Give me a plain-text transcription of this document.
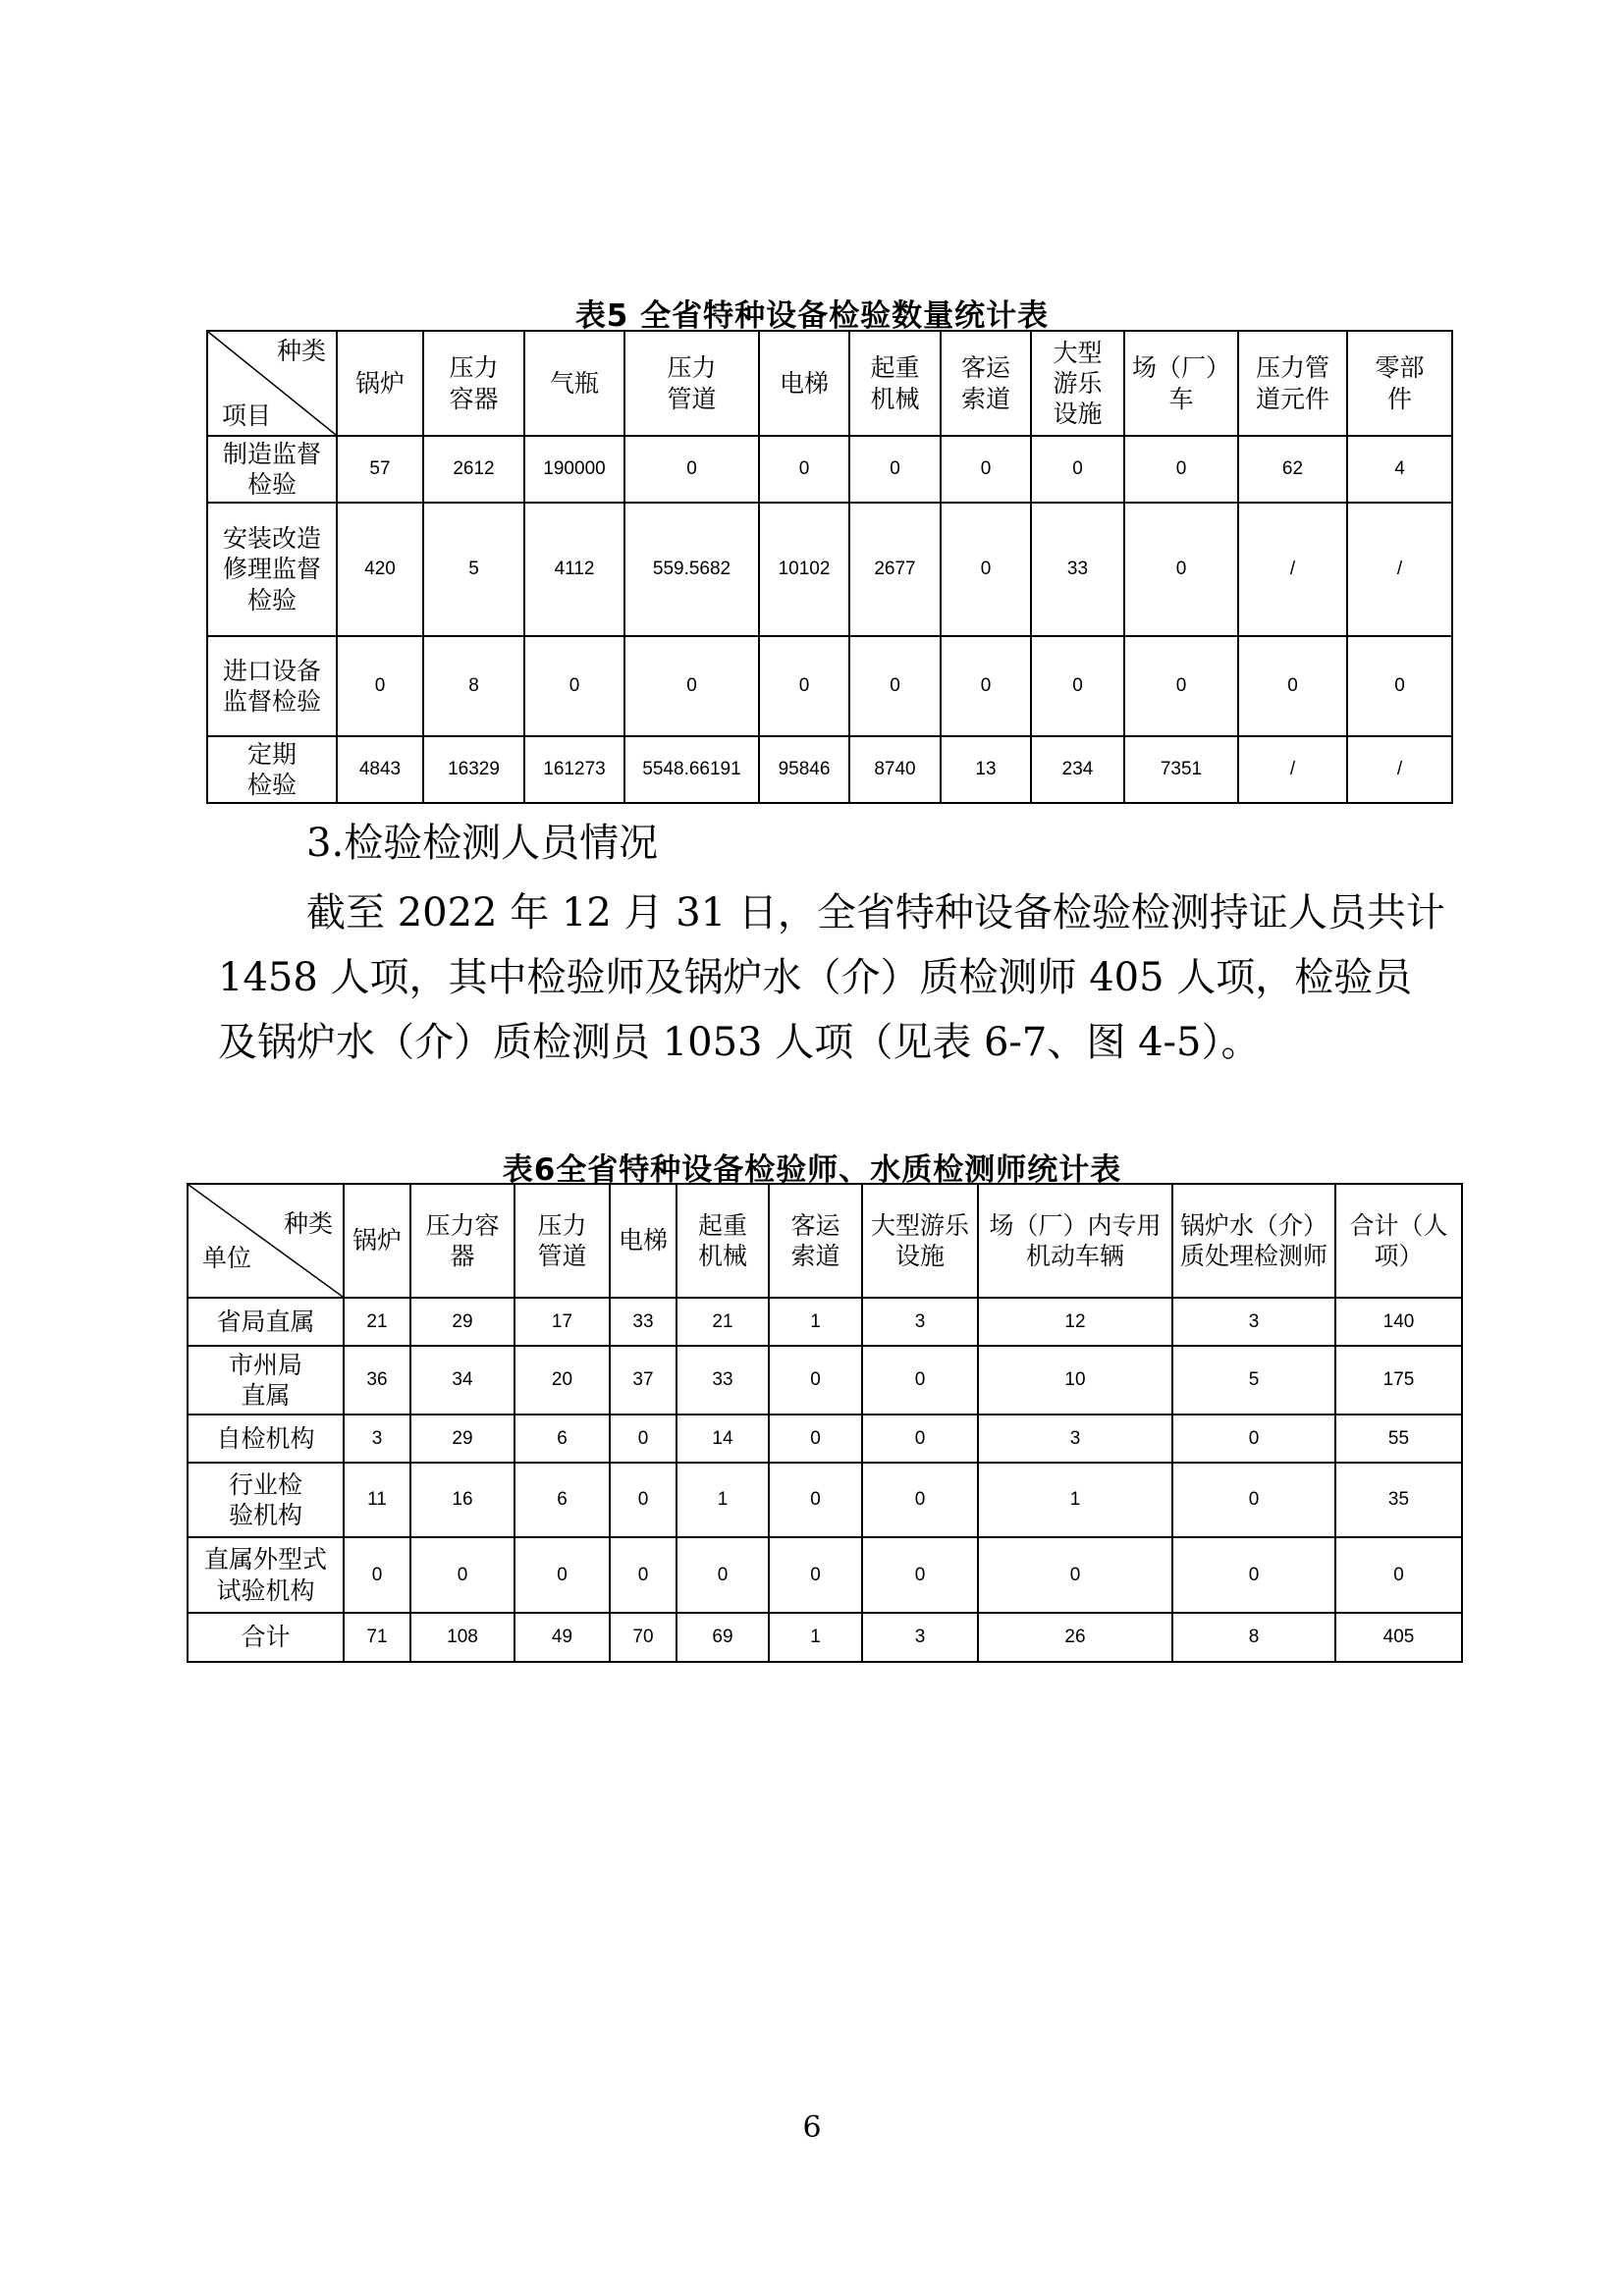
表5 全省特种设备检验数量统计表
种类
项目	锅炉	压力容器	气瓶	压力管道	电梯	起重机械	客运索道	大型游乐设施	场（厂）车	压力管道元件	零部件
制造监督检验	57	2612	190000	0	0	0	0	0	0	62	4
安装改造修理监督检验	420	5	4112	559.5682	10102	2677	0	33	0	/	/
进口设备监督检验	0	8	0	0	0	0	0	0	0	0	0
定期检验	4843	16329	161273	5548.66191	95846	8740	13	234	7351	/	/
3.检验检测人员情况
截至 2022 年 12 月 31 日，全省特种设备检验检测持证人员共计 1458 人项，其中检验师及锅炉水（介）质检测师 405 人项，检验员及锅炉水（介）质检测员 1053 人项（见表 6-7、图 4-5）。
表6全省特种设备检验师、水质检测师统计表
种类
单位	锅炉	压力容器	压力管道	电梯	起重机械	客运索道	大型游乐设施	场（厂）内专用机动车辆	锅炉水（介）质处理检测师	合计（人项）
省局直属	21	29	17	33	21	1	3	12	3	140
市州局直属	36	34	20	37	33	0	0	10	5	175
自检机构	3	29	6	0	14	0	0	3	0	55
行业检验机构	11	16	6	0	1	0	0	1	0	35
直属外型式试验机构	0	0	0	0	0	0	0	0	0	0
合计	71	108	49	70	69	1	3	26	8	405
6
